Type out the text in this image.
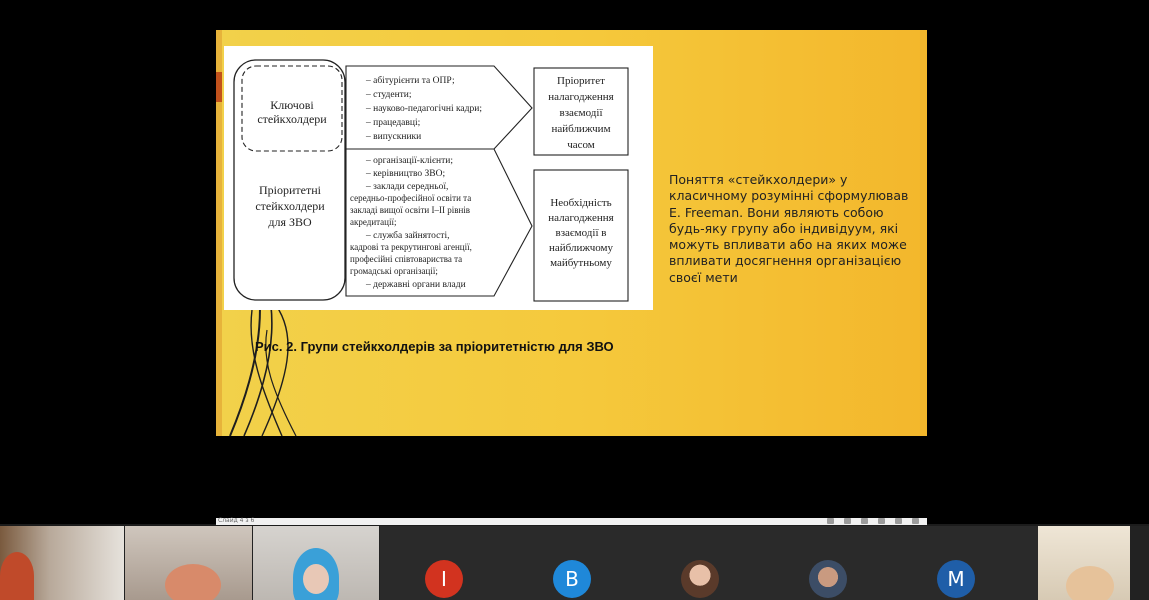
Ключові
стейкхолдери
Пріоритетні
стейкхолдери
для ЗВО
– абітурієнти та ОПР;
– студенти;
– науково-педагогічні кадри;
– працедавці;
– випускники
– організації-клієнти;
– керівництво ЗВО;
– заклади середньої,
середньо-професійної освіти та
закладі вищої освіти І–ІІ рівнів
акредитації;
– служба зайнятості,
кадрові та рекрутингові агенції,
професійні співтовариства та
громадські організації;
– державні органи влади
Пріоритет
налагодження
взаємодії
найближчим
часом
Необхідність
налагодження
взаємодії в
найближчому
майбутньому
Рис. 2. Групи стейкхолдерів за пріоритетністю для ЗВО
Поняття «стейкхолдери» у класичному розумінні сформулював E. Freeman. Вони являють собою будь-яку групу або індивідуум, які можуть впливати або на яких може впливати досягнення організацією своєї мети
Слайд 4 з 6
І	В	M
